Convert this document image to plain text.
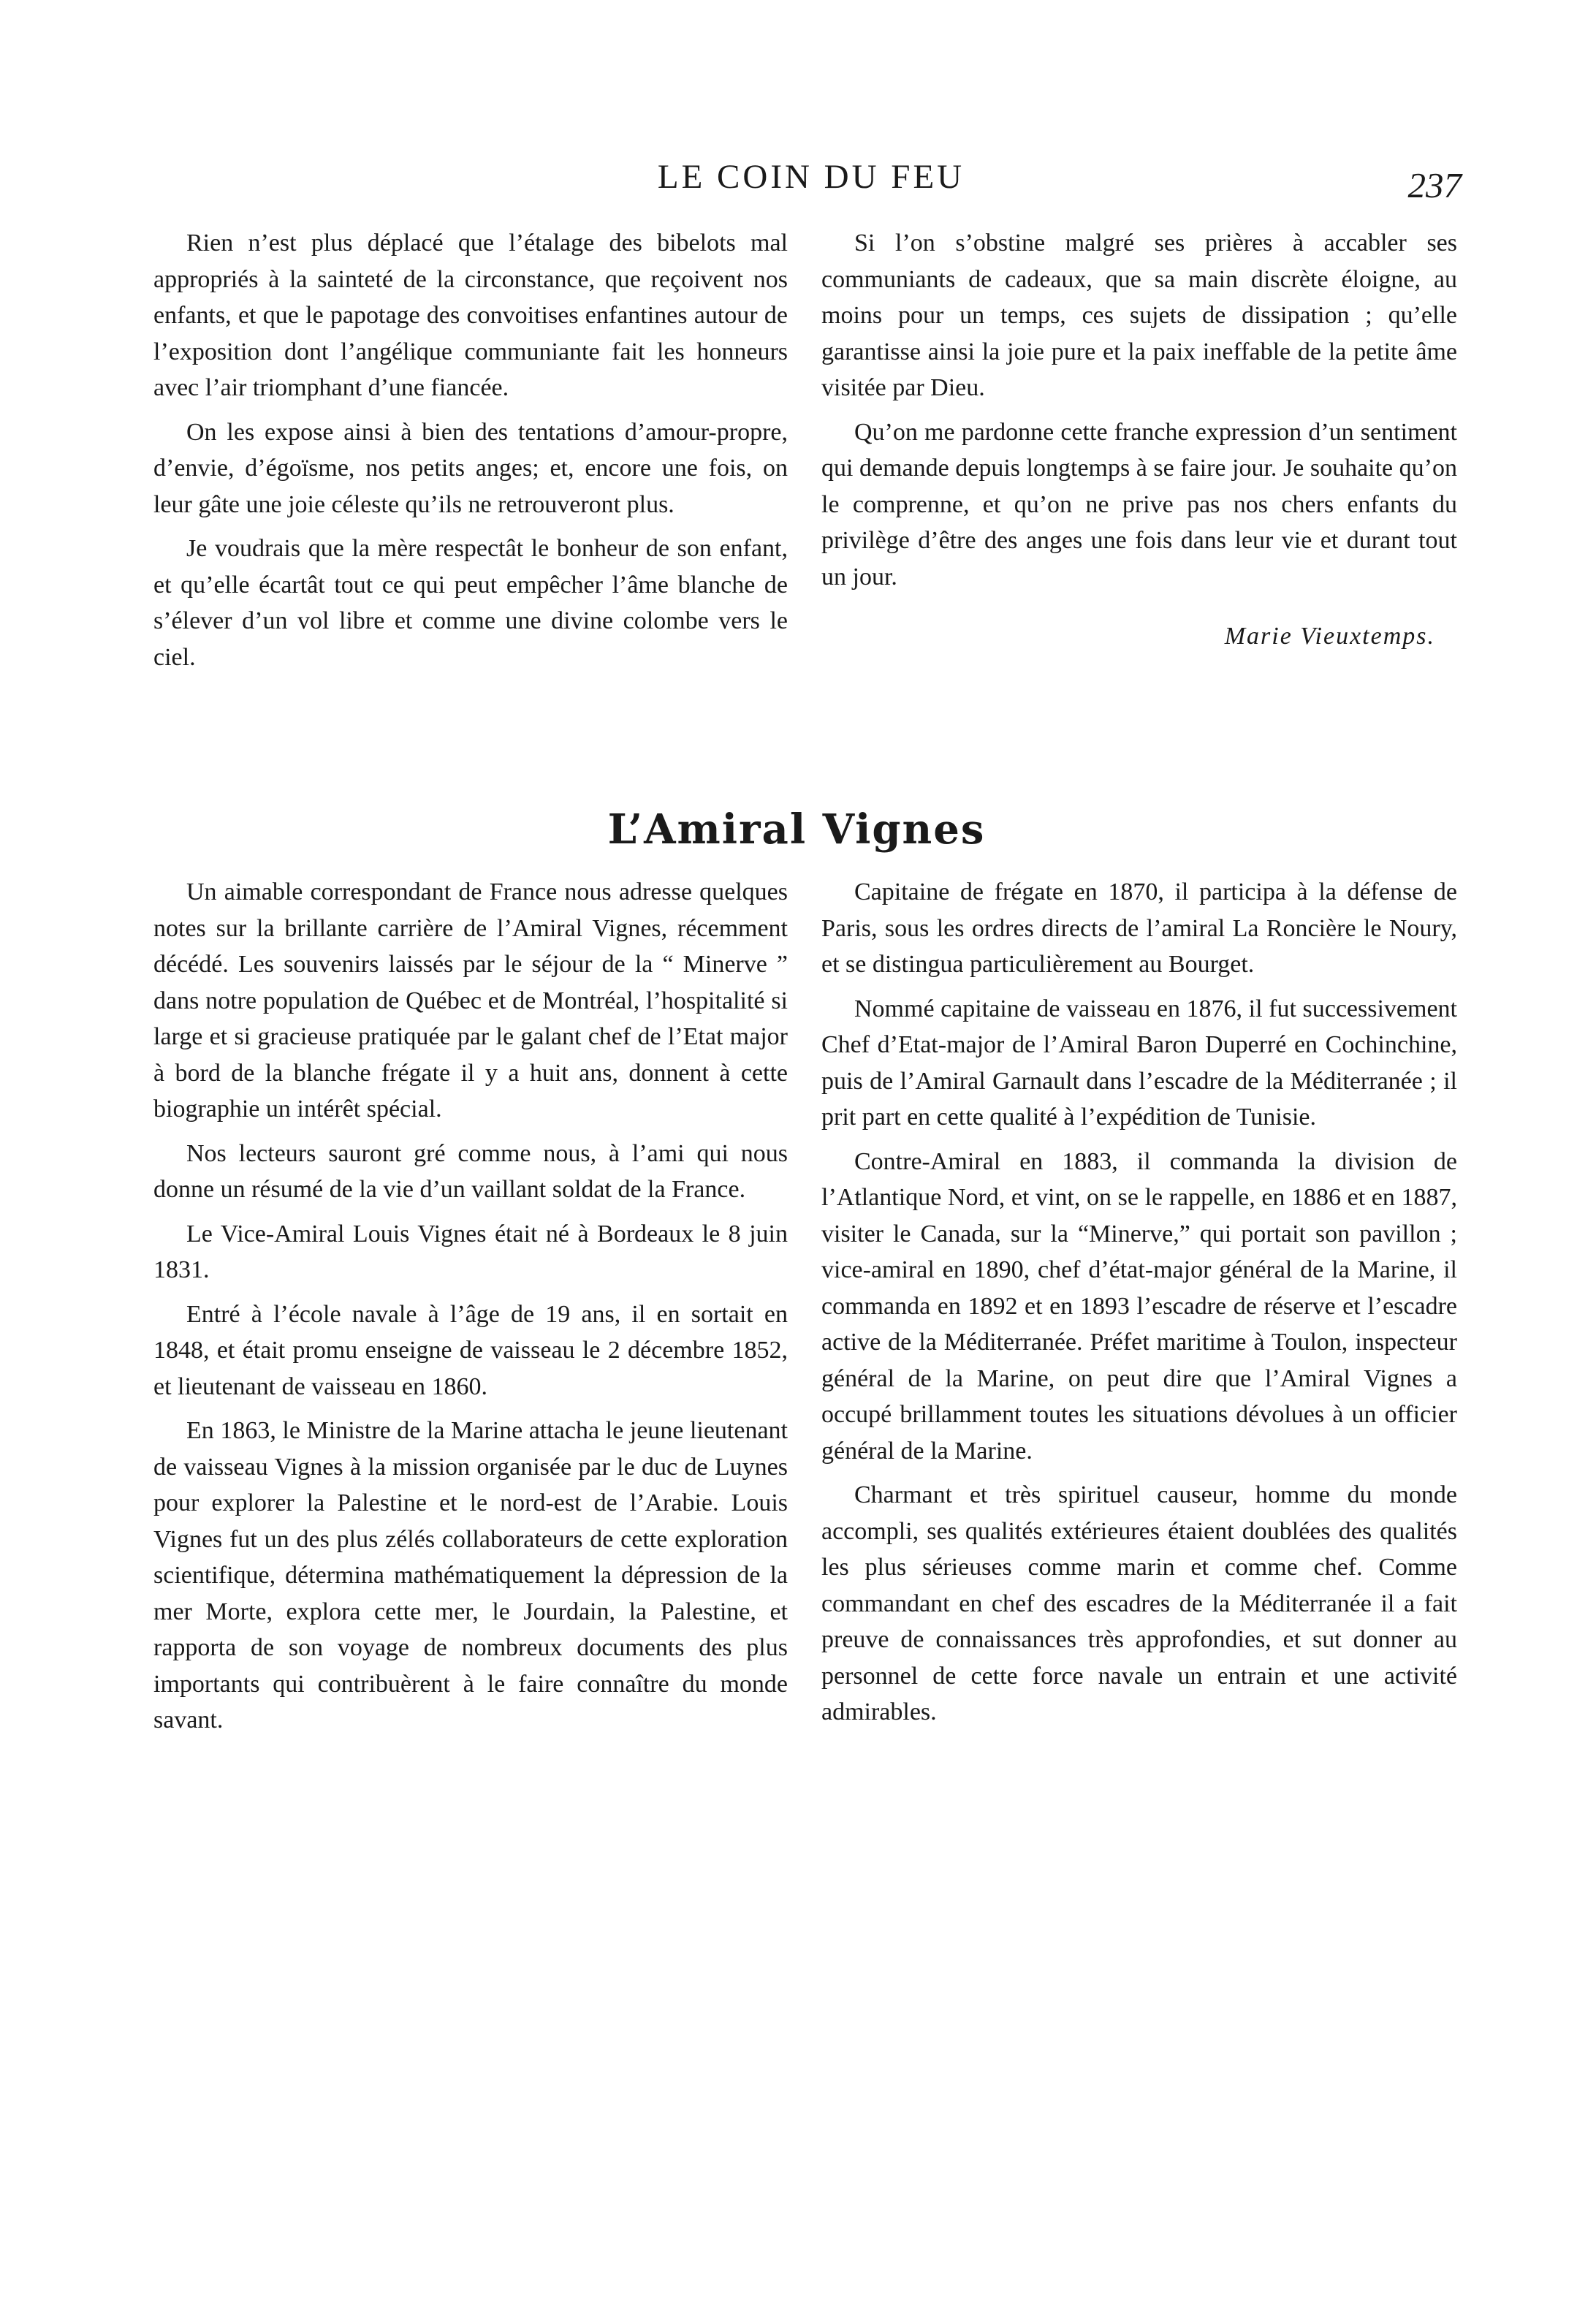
LE COIN DU FEU	237

Rien n’est plus déplacé que l’étalage des bibelots mal appropriés à la sainteté de la circonstance, que reçoivent nos enfants, et que le papotage des convoitises enfantines autour de l’exposition dont l’angélique communiante fait les honneurs avec l’air triomphant d’une fiancée.

On les expose ainsi à bien des tentations d’amour-propre, d’envie, d’égoïsme, nos petits anges; et, encore une fois, on leur gâte une joie céleste qu’ils ne retrouveront plus.

Je voudrais que la mère respectât le bonheur de son enfant, et qu’elle écartât tout ce qui peut empêcher l’âme blanche de s’élever d’un vol libre et comme une divine colombe vers le ciel.

Si l’on s’obstine malgré ses prières à accabler ses communiants de cadeaux, que sa main discrète éloigne, au moins pour un temps, ces sujets de dissipation ; qu’elle garantisse ainsi la joie pure et la paix ineffable de la petite âme visitée par Dieu.

Qu’on me pardonne cette franche expression d’un sentiment qui demande depuis longtemps à se faire jour. Je souhaite qu’on le comprenne, et qu’on ne prive pas nos chers enfants du privilège d’être des anges une fois dans leur vie et durant tout un jour.

Marie Vieuxtemps.

L’Amiral Vignes

Un aimable correspondant de France nous adresse quelques notes sur la brillante carrière de l’Amiral Vignes, récemment décédé. Les souvenirs laissés par le séjour de la “ Minerve ” dans notre population de Québec et de Montréal, l’hospitalité si large et si gracieuse pratiquée par le galant chef de l’Etat major à bord de la blanche frégate il y a huit ans, donnent à cette biographie un intérêt spécial.

Nos lecteurs sauront gré comme nous, à l’ami qui nous donne un résumé de la vie d’un vaillant soldat de la France.

Le Vice-Amiral Louis Vignes était né à Bordeaux le 8 juin 1831.

Entré à l’école navale à l’âge de 19 ans, il en sortait en 1848, et était promu enseigne de vaisseau le 2 décembre 1852, et lieutenant de vaisseau en 1860.

En 1863, le Ministre de la Marine attacha le jeune lieutenant de vaisseau Vignes à la mission organisée par le duc de Luynes pour explorer la Palestine et le nord-est de l’Arabie. Louis Vignes fut un des plus zélés collaborateurs de cette exploration scientifique, détermina mathématiquement la dépression de la mer Morte, explora cette mer, le Jourdain, la Palestine, et rapporta de son voyage de nombreux documents des plus importants qui contribuèrent à le faire connaître du monde savant.

Capitaine de frégate en 1870, il participa à la défense de Paris, sous les ordres directs de l’amiral La Roncière le Noury, et se distingua particulièrement au Bourget.

Nommé capitaine de vaisseau en 1876, il fut successivement Chef d’Etat-major de l’Amiral Baron Duperré en Cochinchine, puis de l’Amiral Garnault dans l’escadre de la Méditerranée ; il prit part en cette qualité à l’expédition de Tunisie.

Contre-Amiral en 1883, il commanda la division de l’Atlantique Nord, et vint, on se le rappelle, en 1886 et en 1887, visiter le Canada, sur la “Minerve,” qui portait son pavillon ; vice-amiral en 1890, chef d’état-major général de la Marine, il commanda en 1892 et en 1893 l’escadre de réserve et l’escadre active de la Méditerranée. Préfet maritime à Toulon, inspecteur général de la Marine, on peut dire que l’Amiral Vignes a occupé brillamment toutes les situations dévolues à un officier général de la Marine.

Charmant et très spirituel causeur, homme du monde accompli, ses qualités extérieures étaient doublées des qualités les plus sérieuses comme marin et comme chef. Comme commandant en chef des escadres de la Méditerranée il a fait preuve de connaissances très approfondies, et sut donner au personnel de cette force navale un entrain et une activité admirables.
